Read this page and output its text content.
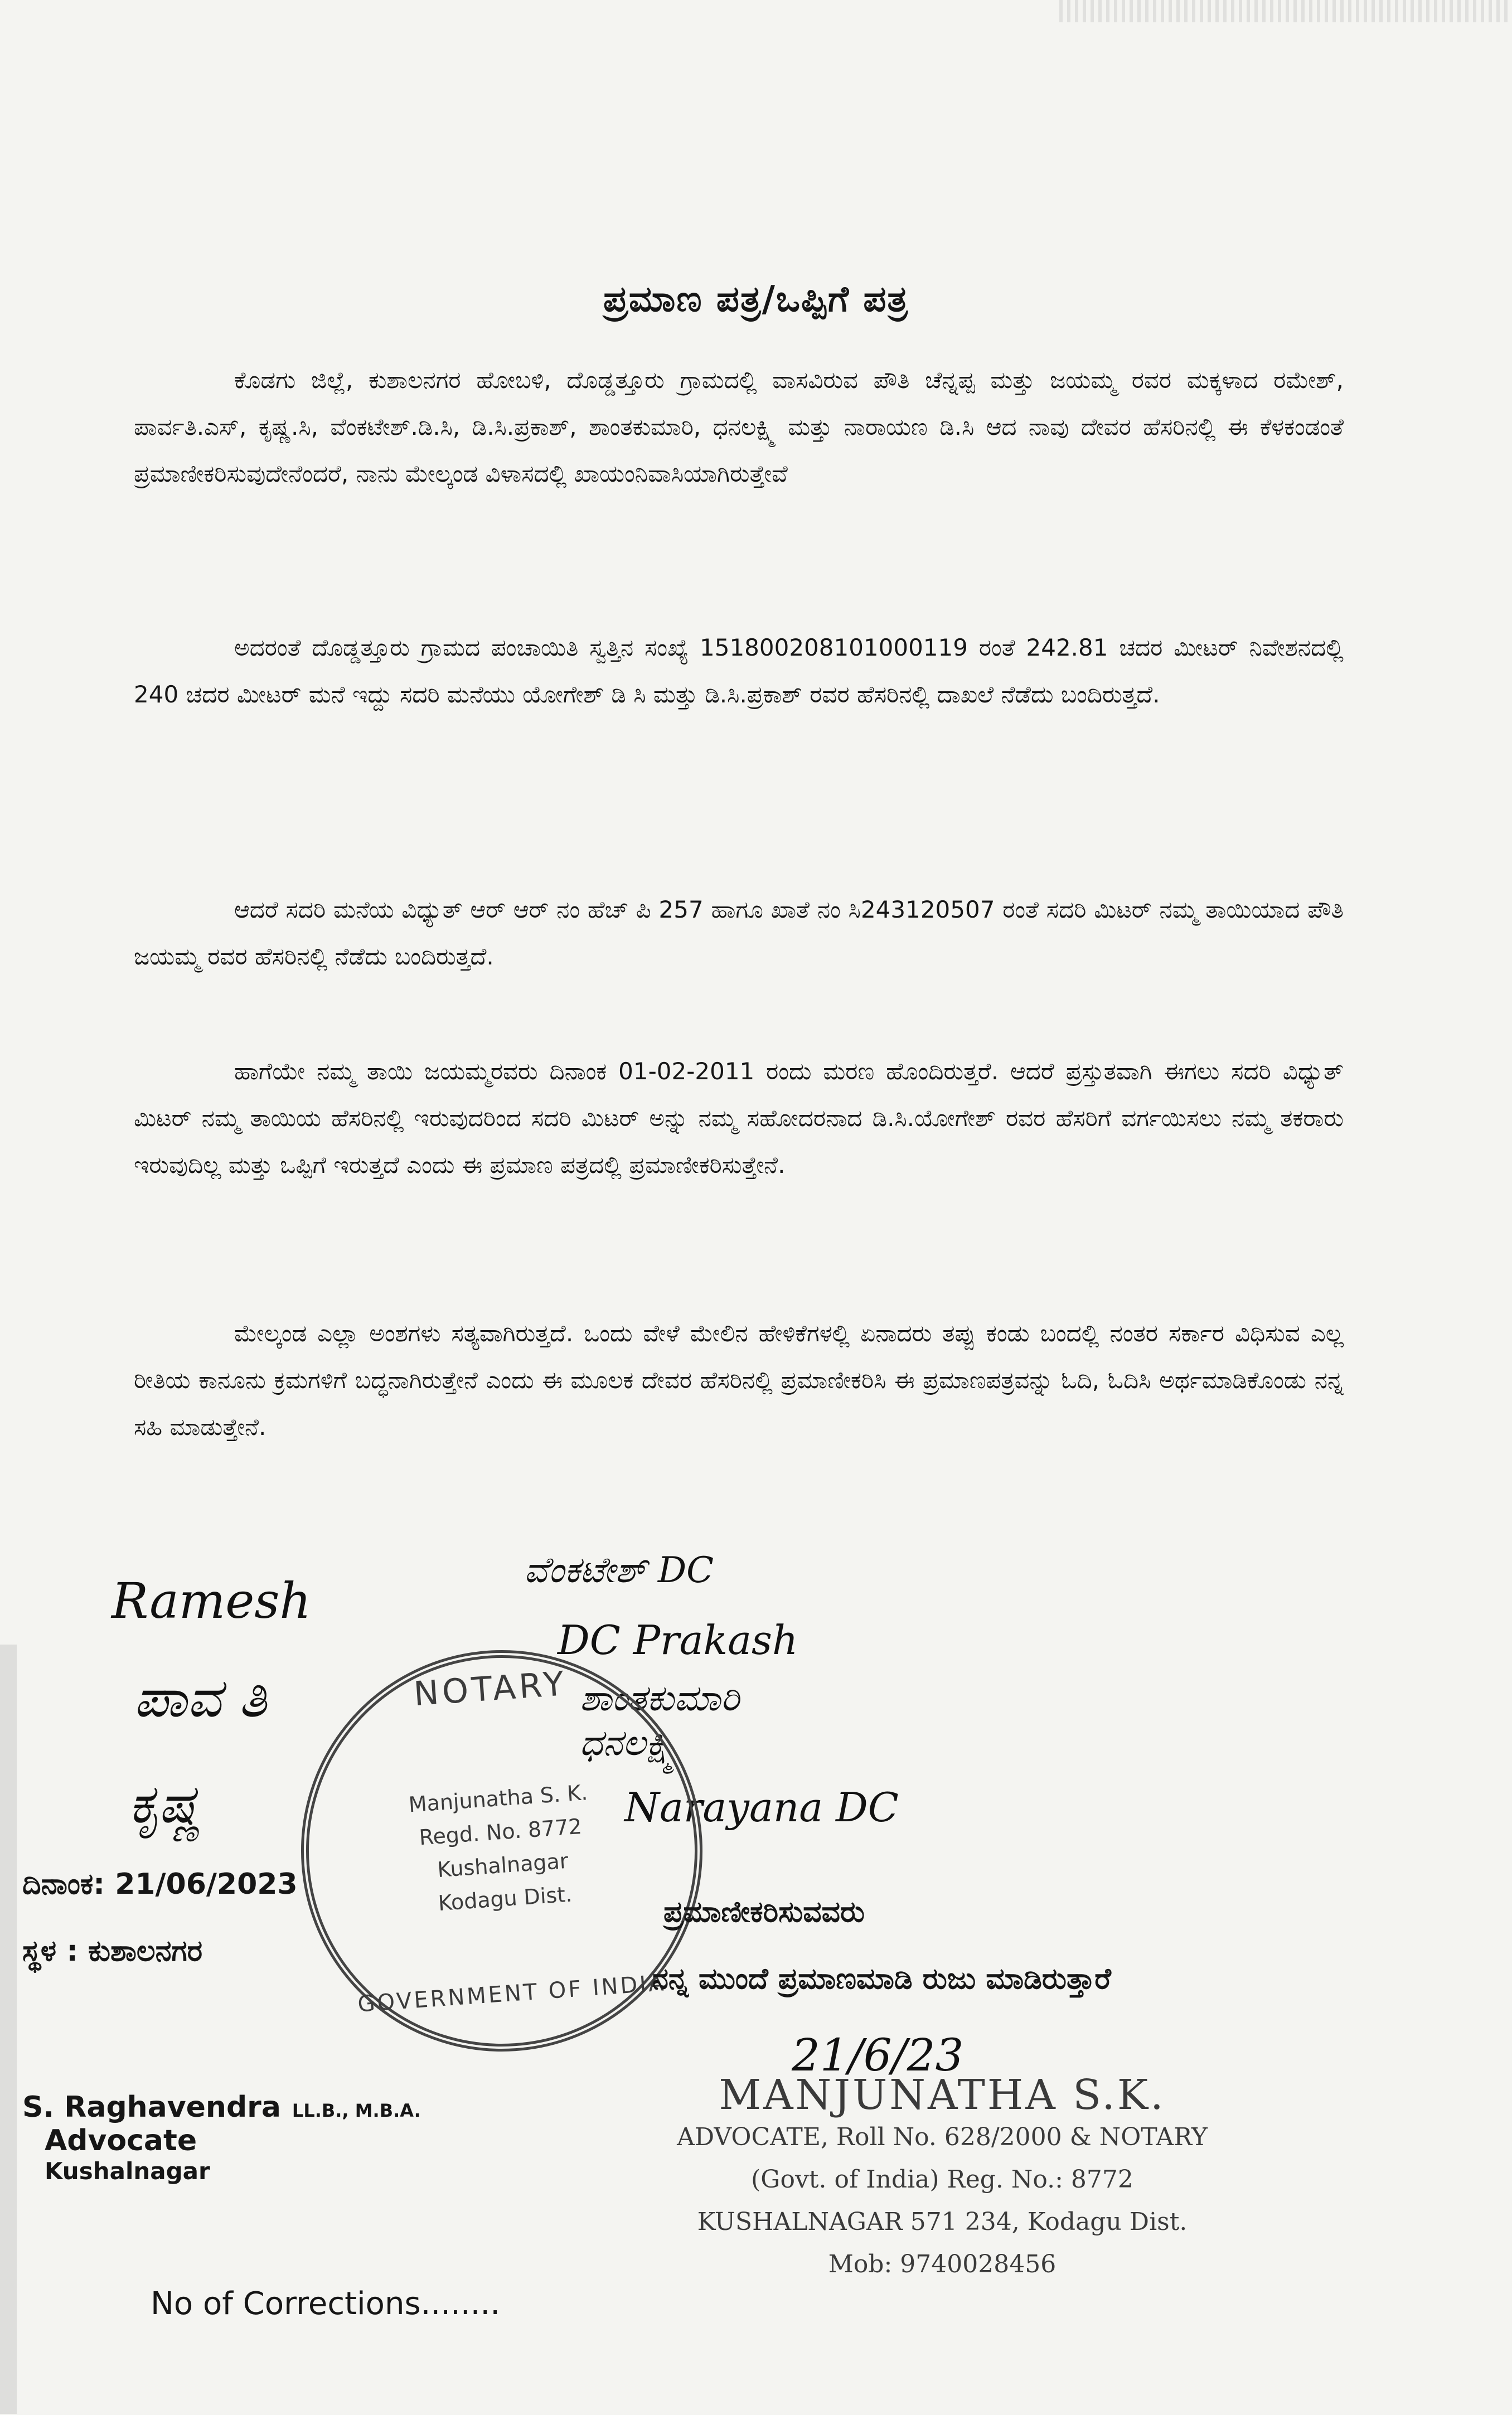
ಪ್ರಮಾಣ ಪತ್ರ/ಒಪ್ಪಿಗೆ ಪತ್ರ

ಕೊಡಗು ಜಿಲ್ಲೆ, ಕುಶಾಲನಗರ ಹೋಬಳಿ, ದೊಡ್ಡತ್ತೂರು ಗ್ರಾಮದಲ್ಲಿ ವಾಸವಿರುವ ಪೌತಿ ಚೆನ್ನಪ್ಪ ಮತ್ತು ಜಯಮ್ಮ ರವರ ಮಕ್ಕಳಾದ ರಮೇಶ್, ಪಾರ್ವತಿ.ಎಸ್, ಕೃಷ್ಣ.ಸಿ, ವೆಂಕಟೇಶ್.ಡಿ.ಸಿ, ಡಿ.ಸಿ.ಪ್ರಕಾಶ್, ಶಾಂತಕುಮಾರಿ, ಧನಲಕ್ಷ್ಮಿ ಮತ್ತು ನಾರಾಯಣ ಡಿ.ಸಿ ಆದ ನಾವು ದೇವರ ಹೆಸರಿನಲ್ಲಿ ಈ ಕೆಳಕಂಡಂತೆ ಪ್ರಮಾಣೀಕರಿಸುವುದೇನೆಂದರೆ, ನಾನು ಮೇಲ್ಕಂಡ ವಿಳಾಸದಲ್ಲಿ ಖಾಯಂನಿವಾಸಿಯಾಗಿರುತ್ತೇವೆ

ಅದರಂತೆ ದೊಡ್ಡತ್ತೂರು ಗ್ರಾಮದ ಪಂಚಾಯಿತಿ ಸ್ವತ್ತಿನ ಸಂಖ್ಯೆ 151800208101000119 ರಂತೆ 242.81 ಚದರ ಮೀಟರ್ ನಿವೇಶನದಲ್ಲಿ 240 ಚದರ ಮೀಟರ್ ಮನೆ ಇದ್ದು ಸದರಿ ಮನೆಯು ಯೋಗೇಶ್ ಡಿ ಸಿ ಮತ್ತು ಡಿ.ಸಿ.ಪ್ರಕಾಶ್ ರವರ ಹೆಸರಿನಲ್ಲಿ ದಾಖಲೆ ನೆಡೆದು ಬಂದಿರುತ್ತದೆ.

ಆದರೆ ಸದರಿ ಮನೆಯ ವಿಧ್ಯುತ್ ಆರ್ ಆರ್ ನಂ ಹೆಚ್ ಪಿ 257 ಹಾಗೂ ಖಾತೆ ನಂ ಸಿ243120507 ರಂತೆ ಸದರಿ ಮಿಟರ್ ನಮ್ಮ ತಾಯಿಯಾದ ಪೌತಿ ಜಯಮ್ಮ ರವರ ಹೆಸರಿನಲ್ಲಿ ನೆಡೆದು ಬಂದಿರುತ್ತದೆ.

ಹಾಗೆಯೇ ನಮ್ಮ ತಾಯಿ ಜಯಮ್ಮರವರು ದಿನಾಂಕ 01-02-2011 ರಂದು ಮರಣ ಹೊಂದಿರುತ್ತರೆ. ಆದರೆ ಪ್ರಸ್ತುತವಾಗಿ ಈಗಲು ಸದರಿ ವಿಧ್ಯುತ್ ಮಿಟರ್ ನಮ್ಮ ತಾಯಿಯ ಹೆಸರಿನಲ್ಲಿ ಇರುವುದರಿಂದ ಸದರಿ ಮಿಟರ್ ಅನ್ನು ನಮ್ಮ ಸಹೋದರನಾದ ಡಿ.ಸಿ.ಯೋಗೇಶ್ ರವರ ಹೆಸರಿಗೆ ವರ್ಗಯಿಸಲು ನಮ್ಮ ತಕರಾರು ಇರುವುದಿಲ್ಲ ಮತ್ತು ಒಪ್ಪಿಗೆ ಇರುತ್ತದೆ ಎಂದು ಈ ಪ್ರಮಾಣ ಪತ್ರದಲ್ಲಿ ಪ್ರಮಾಣೀಕರಿಸುತ್ತೇನೆ.

ಮೇಲ್ಕಂಡ ಎಲ್ಲಾ ಅಂಶಗಳು ಸತ್ಯವಾಗಿರುತ್ತದೆ. ಒಂದು ವೇಳೆ ಮೇಲಿನ ಹೇಳಿಕೆಗಳಲ್ಲಿ ಏನಾದರು ತಪ್ಪು ಕಂಡು ಬಂದಲ್ಲಿ ನಂತರ ಸರ್ಕಾರ ವಿಧಿಸುವ ಎಲ್ಲ ರೀತಿಯ ಕಾನೂನು ಕ್ರಮಗಳಿಗೆ ಬದ್ಧನಾಗಿರುತ್ತೇನೆ ಎಂದು ಈ ಮೂಲಕ ದೇವರ ಹೆಸರಿನಲ್ಲಿ ಪ್ರಮಾಣೀಕರಿಸಿ ಈ ಪ್ರಮಾಣಪತ್ರವನ್ನು ಓದಿ, ಓದಿಸಿ ಅರ್ಥಮಾಡಿಕೊಂಡು ನನ್ನ ಸಹಿ ಮಾಡುತ್ತೇನೆ.

Ramesh
ಪಾವ ತಿ
ಕೃಷ್ಣ
ವೆಂಕಟೇಶ್ DC
DC Prakash
ಶಾಂತಕುಮಾರಿ
ಧನಲಕ್ಷ್ಮಿ
Narayana DC
NOTARY
Manjunatha S. K.
Regd. No. 8772
Kushalnagar
Kodagu Dist.
GOVERNMENT OF INDIA
ದಿನಾಂಕ: 21/06/2023
ಸ್ಥಳ : ಕುಶಾಲನಗರ
ಪ್ರಮಾಣೀಕರಿಸುವವರು
ನನ್ನ ಮುಂದೆ ಪ್ರಮಾಣಮಾಡಿ ರುಜು ಮಾಡಿರುತ್ತಾರೆ
21/6/23
S. Raghavendra LL.B., M.B.A.
Advocate
Kushalnagar
MANJUNATHA S.K.
ADVOCATE, Roll No. 628/2000 & NOTARY
(Govt. of India) Reg. No.: 8772
KUSHALNAGAR 571 234, Kodagu Dist.
Mob: 9740028456
No of Corrections........
